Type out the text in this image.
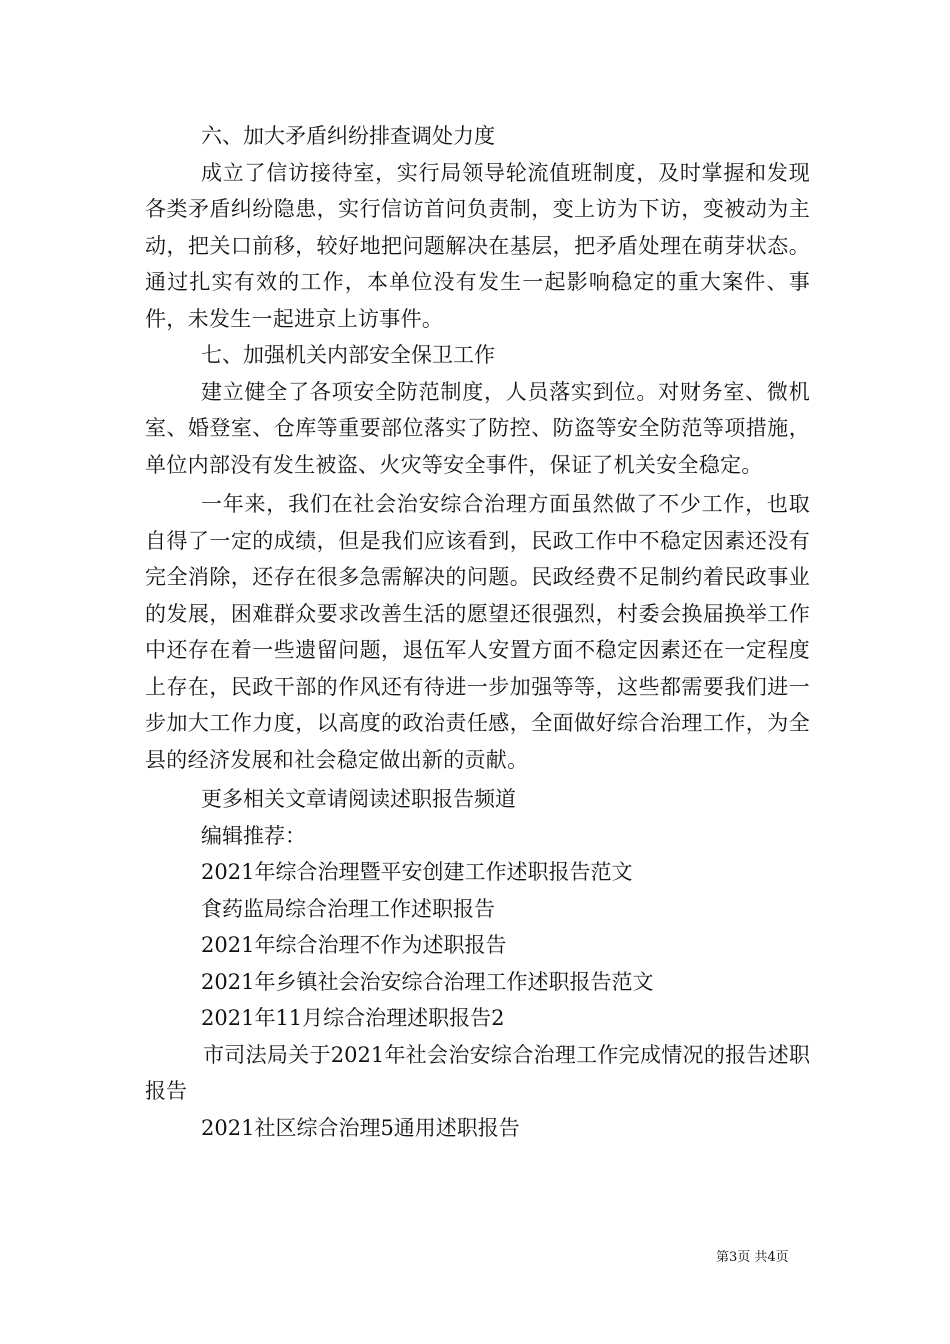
六、加大矛盾纠纷排查调处力度

成立了信访接待室，实行局领导轮流值班制度，及时掌握和发现各类矛盾纠纷隐患，实行信访首问负责制，变上访为下访，变被动为主动，把关口前移，较好地把问题解决在基层，把矛盾处理在萌芽状态。通过扎实有效的工作，本单位没有发生一起影响稳定的重大案件、事件，未发生一起进京上访事件。

七、加强机关内部安全保卫工作

建立健全了各项安全防范制度，人员落实到位。对财务室、微机室、婚登室、仓库等重要部位落实了防控、防盗等安全防范等项措施，单位内部没有发生被盗、火灾等安全事件，保证了机关安全稳定。

一年来，我们在社会治安综合治理方面虽然做了不少工作，也取自得了一定的成绩，但是我们应该看到，民政工作中不稳定因素还没有完全消除，还存在很多急需解决的问题。民政经费不足制约着民政事业的发展，困难群众要求改善生活的愿望还很强烈，村委会换届换举工作中还存在着一些遗留问题，退伍军人安置方面不稳定因素还在一定程度上存在，民政干部的作风还有待进一步加强等等，这些都需要我们进一步加大工作力度，以高度的政治责任感，全面做好综合治理工作，为全县的经济发展和社会稳定做出新的贡献。

更多相关文章请阅读述职报告频道

编辑推荐：

2021年综合治理暨平安创建工作述职报告范文

食药监局综合治理工作述职报告

2021年综合治理不作为述职报告

2021年乡镇社会治安综合治理工作述职报告范文

2021年11月综合治理述职报告2

市司法局关于2021年社会治安综合治理工作完成情况的报告述职报告

2021社区综合治理5通用述职报告

第3页 共4页
